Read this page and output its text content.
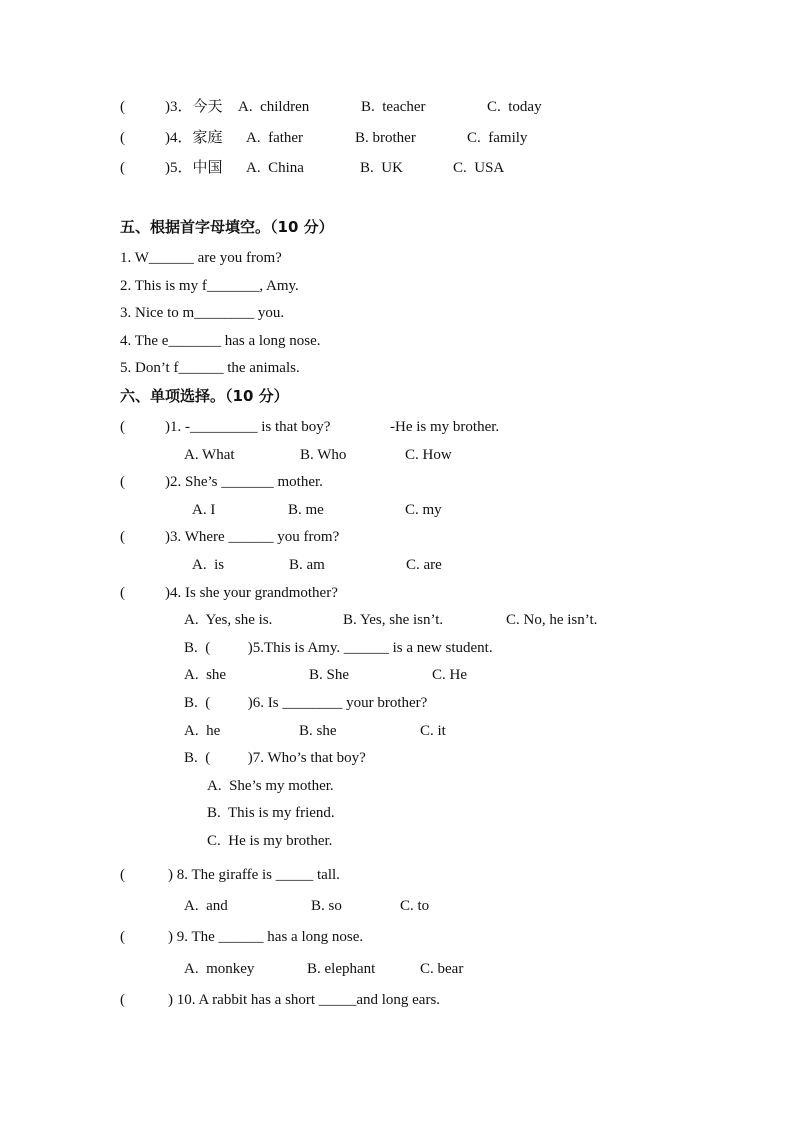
(	)3．今天 A.  children	B.  teacher	C.  today
(	)4．家庭 A.  father	B. brother	C.  family
(	)5．中国 A.  China	B.  UK	C.  USA
五、根据首字母填空。（10 分）
1. W______ are you from?
2. This is my f_______, Amy.
3. Nice to m________ you.
4. The e_______ has a long nose.
5. Don’t f______ the animals.
六、单项选择。（10 分）
(	)1. -_________ is that boy?	-He is my brother.
A. What	B. Who	C. How
(	)2. She’s _______ mother.
A. I	B. me	C. my
(	)3. Where ______ you from?
A.  is	B. am	C. are
(	)4. Is she your grandmother?
A.  Yes, she is.	B. Yes, she isn’t.	C. No, he isn’t.
B.  (          )5.This is Amy. ______ is a new student.
A.  she	B. She	C. He
B.  (          )6. Is ________ your brother?
A.  he	B. she	C. it
B.  (          )7. Who’s that boy?
A.  She’s my mother.
B.  This is my friend.
C.  He is my brother.
(	) 8. The giraffe is _____ tall.
A.  and	B. so	C. to
(	) 9. The ______ has a long nose.
A.  monkey	B. elephant	C. bear
(	) 10. A rabbit has a short _____and long ears.
